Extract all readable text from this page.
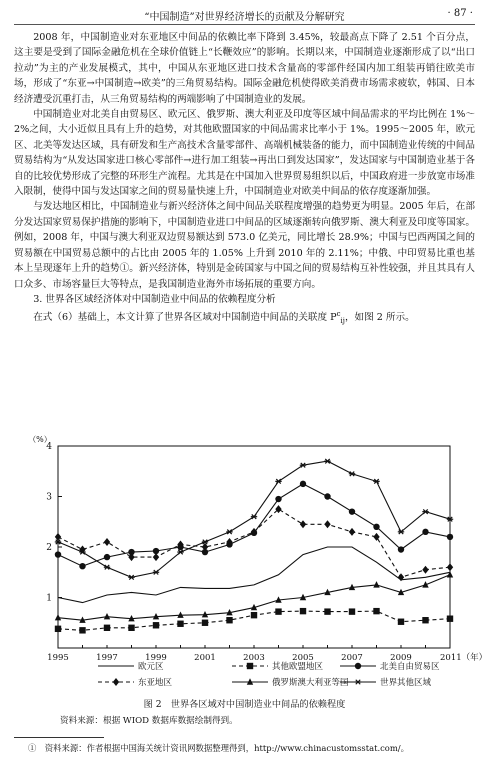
“中国制造”对世界经济增长的贡献及分解研究	· 87 ·

2008 年，中国制造业对东亚地区中间品的依赖比率下降到 3.45%，较最高点下降了 2.51 个百分点，这主要是受到了国际金融危机在全球价值链上“长鞭效应”的影响。长期以来，中国制造业逐渐形成了以“出口拉动”为主的产业发展模式，其中，中国从东亚地区进口技术含量高的零部件经国内加工组装再销往欧美市场，形成了“东亚→中国制造→欧美”的三角贸易结构。国际金融危机使得欧美消费市场需求疲软，韩国、日本经济遭受沉重打击，从三角贸易结构的两端影响了中国制造业的发展。

中国制造业对北美自由贸易区、欧元区、俄罗斯、澳大利亚及印度等区域中间品需求的平均比例在 1%～2%之间，大小近似且具有上升的趋势，对其他欧盟国家的中间品需求比率小于 1%。1995～2005 年，欧元区、北美等发达区域，具有研发和生产高技术含量零部件、高端机械装备的能力，而中国制造业传统的中间品贸易结构为“从发达国家进口核心零部件→进行加工组装→再出口到发达国家”，发达国家与中国制造业基于各自的比较优势形成了完整的环形生产流程。尤其是在中国加入世界贸易组织以后，中国政府进一步放宽市场准入限制，使得中国与发达国家之间的贸易量快速上升，中国制造业对欧美中间品的依存度逐渐加强。

与发达地区相比，中国制造业与新兴经济体之间中间品关联程度增强的趋势更为明显。2005 年后，在部分发达国家贸易保护措施的影响下，中国制造业进口中间品的区域逐渐转向俄罗斯、澳大利亚及印度等国家。例如，2008 年，中国与澳大利亚双边贸易额达到 573.0 亿美元，同比增长 28.9%；中国与巴西两国之间的贸易额在中国贸易总额中的占比由 2005 年的 1.05% 上升到 2010 年的 2.11%；中俄、中印贸易比重也基本上呈现逐年上升的趋势①。新兴经济体，特别是金砖国家与中国之间的贸易结构互补性较强，并且其具有人口众多、市场容量巨大等特点，是我国制造业海外市场拓展的重要方向。

3. 世界各区域经济体对中国制造业中间品的依赖程度分析

在式（6）基础上，本文计算了世界各区域对中国制造中间品的关联度 $P^c_{ij}$，如图 2 所示。

（%）
1
2
3
4
1995	1997	1999	2001	2003	2005	2007	2009	2011（年）
欧元区	其他欧盟地区	北美自由贸易区
东亚地区	俄罗斯澳大利亚等国	世界其他区域
图 2　世界各区域对中国制造业中间品的依赖程度
资料来源：根据 WIOD 数据库数据绘制得到。
①　资料来源：作者根据中国海关统计资讯网数据整理得到，http://www.chinacustomsstat.com/。
